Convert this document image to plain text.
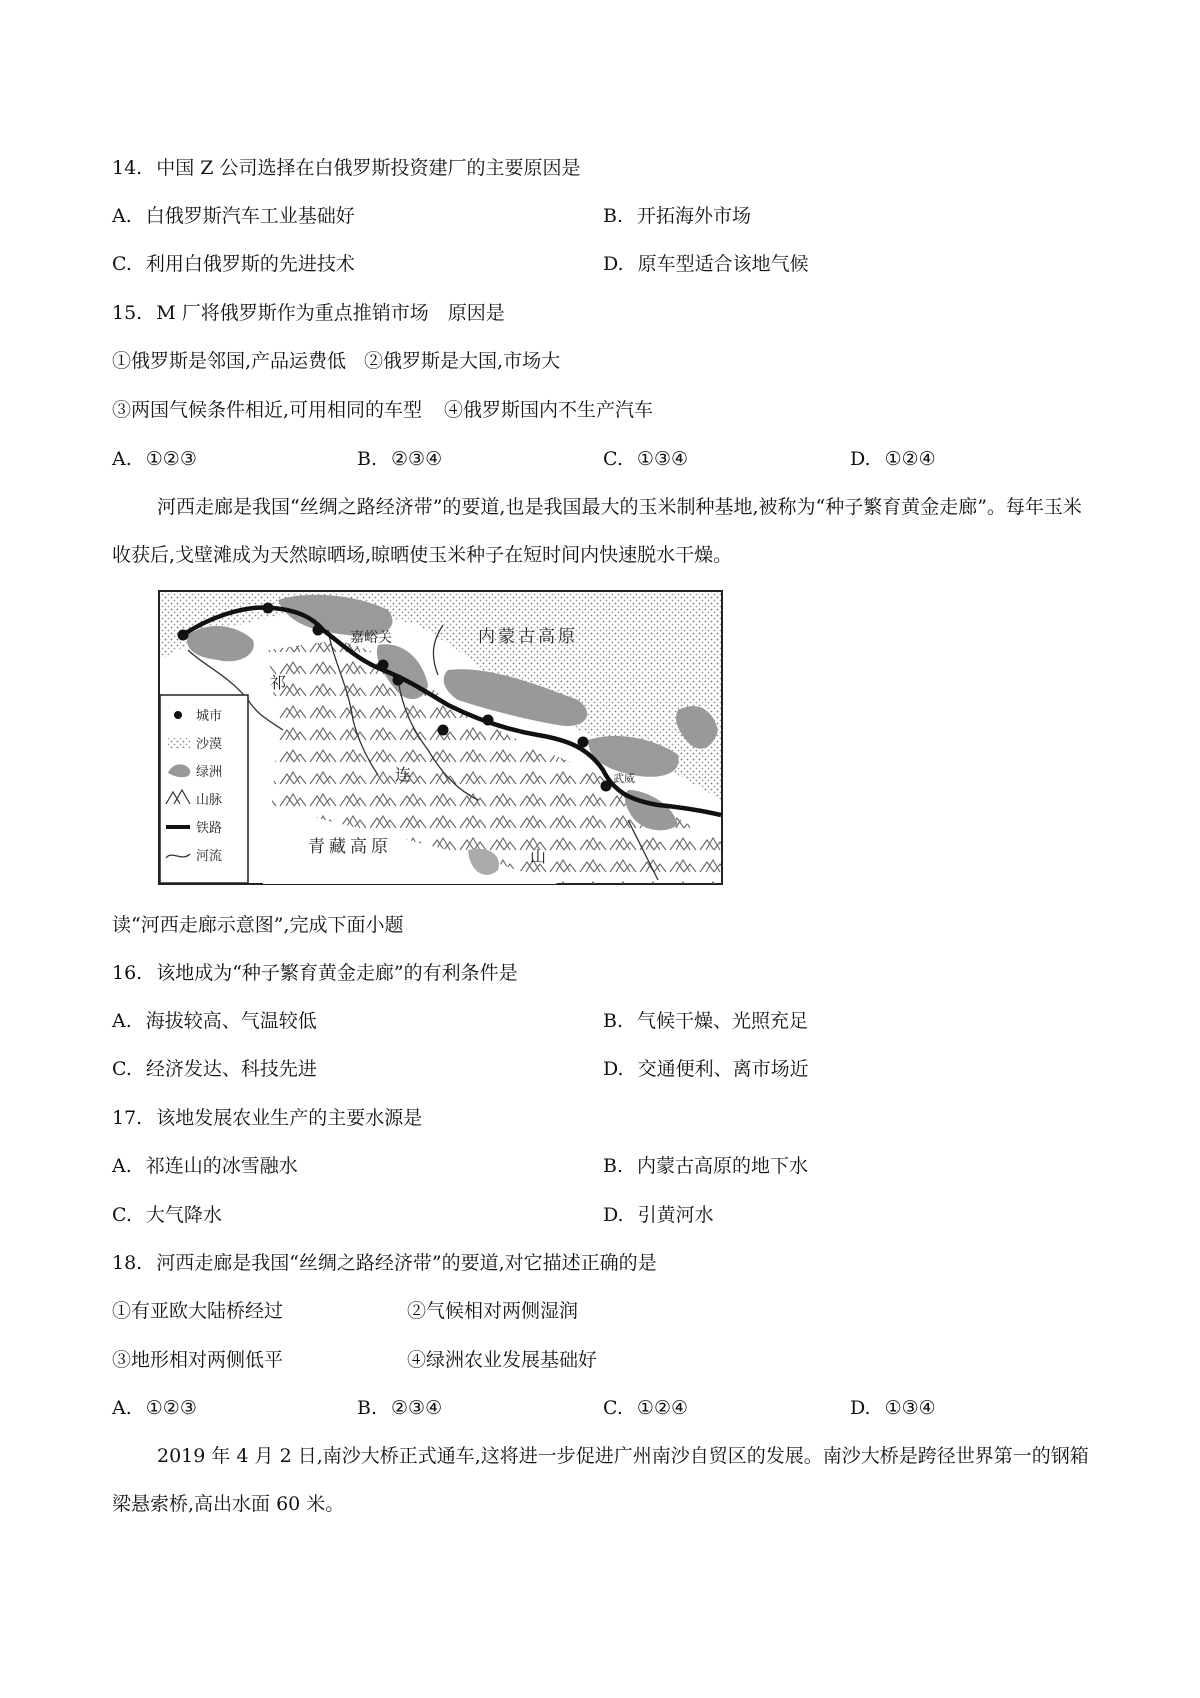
14. 中国 Z 公司选择在白俄罗斯投资建厂的主要原因是
A. 白俄罗斯汽车工业基础好	B. 开拓海外市场
C. 利用白俄罗斯的先进技术	D. 原车型适合该地气候
15. M 厂将俄罗斯作为重点推销市场　原因是
①俄罗斯是邻国,产品运费低 ②俄罗斯是大国,市场大
③两国气候条件相近,可用相同的车型 ④俄罗斯国内不生产汽车
A. ①②③	B. ②③④	C. ①③④	D. ①②④
河西走廊是我国“丝绸之路经济带”的要道,也是我国最大的玉米制种基地,被称为“种子繁育黄金走廊”。每年玉米收获后,戈壁滩成为天然晾晒场,晾晒使玉米种子在短时间内快速脱水干燥。
嘉峪关	内蒙古高原
祁
连
山
青藏高原
武威
城市
沙漠
绿洲
山脉
铁路
河流
读“河西走廊示意图”,完成下面小题
16. 该地成为“种子繁育黄金走廊”的有利条件是
A. 海拔较高、气温较低	B. 气候干燥、光照充足
C. 经济发达、科技先进	D. 交通便利、离市场近
17. 该地发展农业生产的主要水源是
A. 祁连山的冰雪融水	B. 内蒙古高原的地下水
C. 大气降水	D. 引黄河水
18. 河西走廊是我国“丝绸之路经济带”的要道,对它描述正确的是
①有亚欧大陆桥经过	②气候相对两侧湿润
③地形相对两侧低平	④绿洲农业发展基础好
A. ①②③	B. ②③④	C. ①②④	D. ①③④
2019 年 4 月 2 日,南沙大桥正式通车,这将进一步促进广州南沙自贸区的发展。南沙大桥是跨径世界第一的钢箱梁悬索桥,高出水面 60 米。
